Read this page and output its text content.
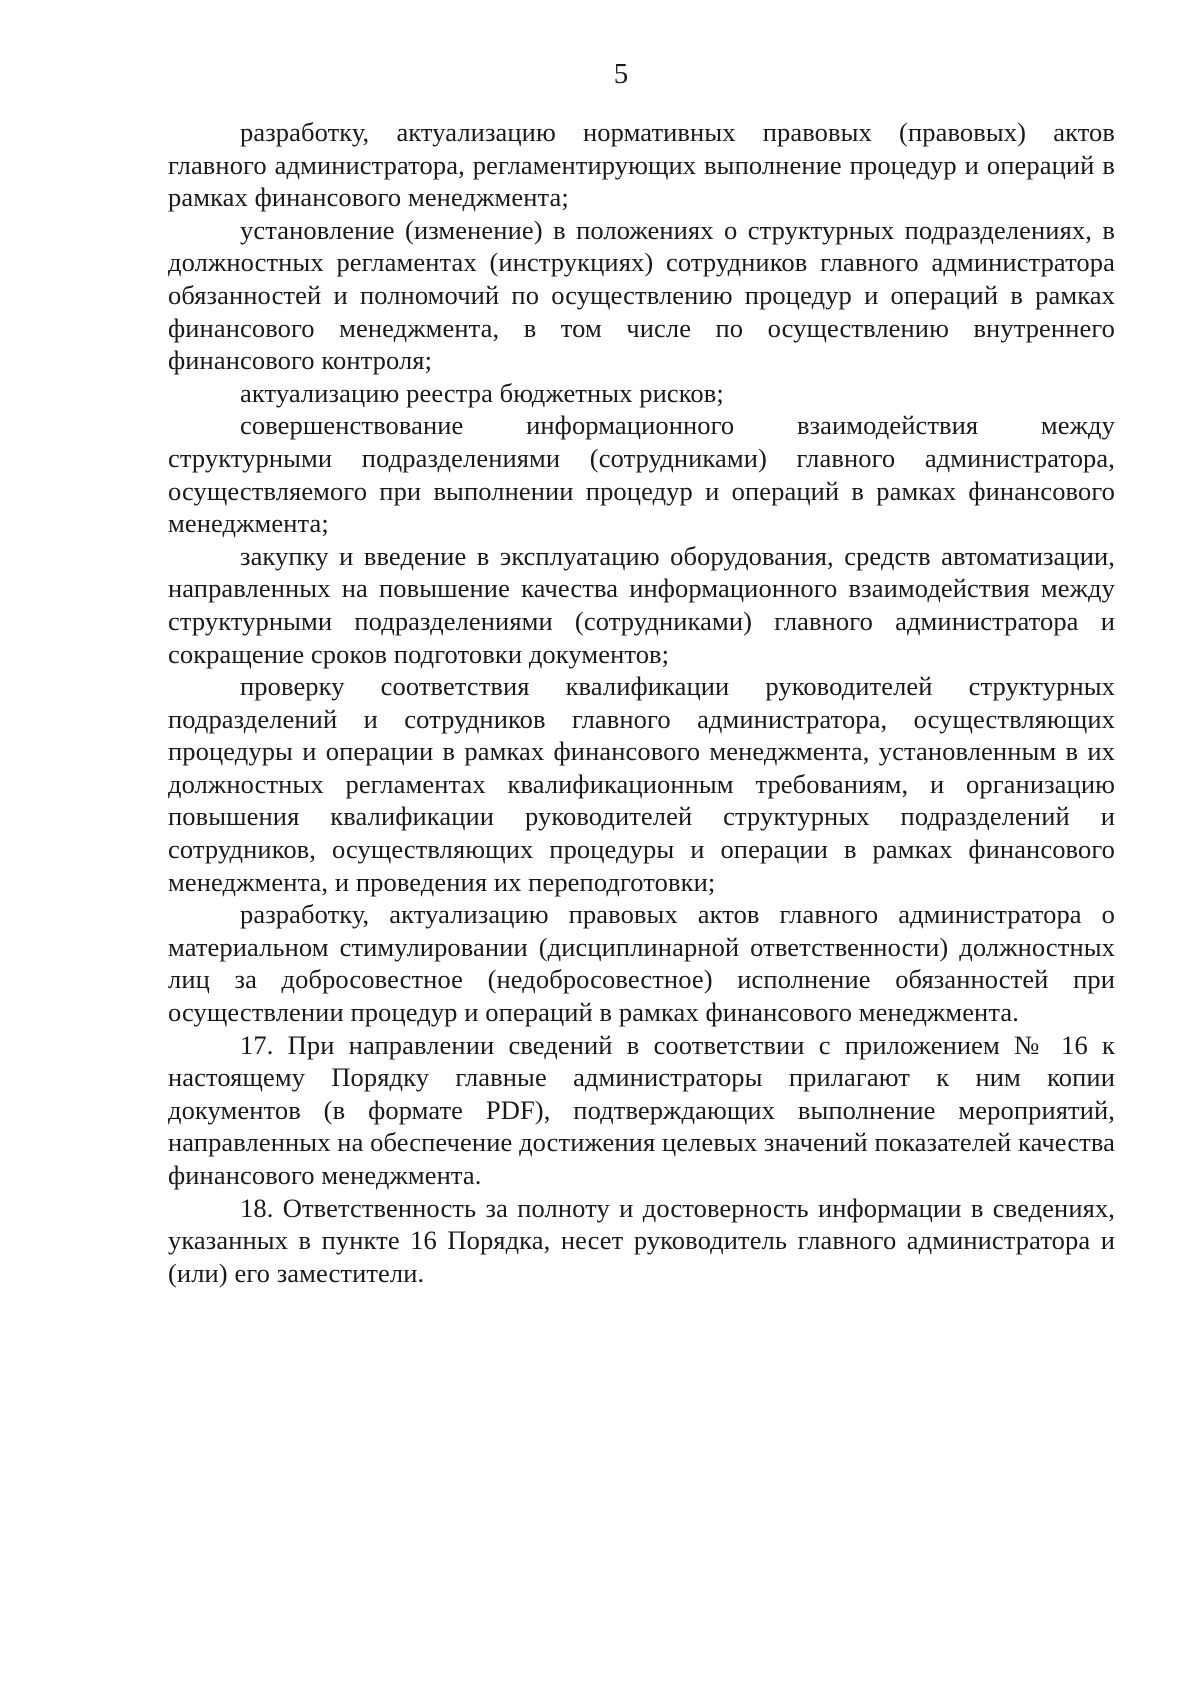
5

разработку, актуализацию нормативных правовых (правовых) актов главного администратора, регламентирующих выполнение процедур и операций в рамках финансового менеджмента;

установление (изменение) в положениях о структурных подразделениях, в должностных регламентах (инструкциях) сотрудников главного администратора обязанностей и полномочий по осуществлению процедур и операций в рамках финансового менеджмента, в том числе по осуществлению внутреннего финансового контроля;

актуализацию реестра бюджетных рисков;

совершенствование информационного взаимодействия между структурными подразделениями (сотрудниками) главного администратора, осуществляемого при выполнении процедур и операций в рамках финансового менеджмента;

закупку и введение в эксплуатацию оборудования, средств автоматизации, направленных на повышение качества информационного взаимодействия между структурными подразделениями (сотрудниками) главного администратора и сокращение сроков подготовки документов;

проверку соответствия квалификации руководителей структурных подразделений и сотрудников главного администратора, осуществляющих процедуры и операции в рамках финансового менеджмента, установленным в их должностных регламентах квалификационным требованиям, и организацию повышения квалификации руководителей структурных подразделений и сотрудников, осуществляющих процедуры и операции в рамках финансового менеджмента, и проведения их переподготовки;

разработку, актуализацию правовых актов главного администратора о материальном стимулировании (дисциплинарной ответственности) должностных лиц за добросовестное (недобросовестное) исполнение обязанностей при осуществлении процедур и операций в рамках финансового менеджмента.

17. При направлении сведений в соответствии с приложением № 16 к настоящему Порядку главные администраторы прилагают к ним копии документов (в формате PDF), подтверждающих выполнение мероприятий, направленных на обеспечение достижения целевых значений показателей качества финансового менеджмента.

18. Ответственность за полноту и достоверность информации в сведениях, указанных в пункте 16 Порядка, несет руководитель главного администратора и (или) его заместители.
